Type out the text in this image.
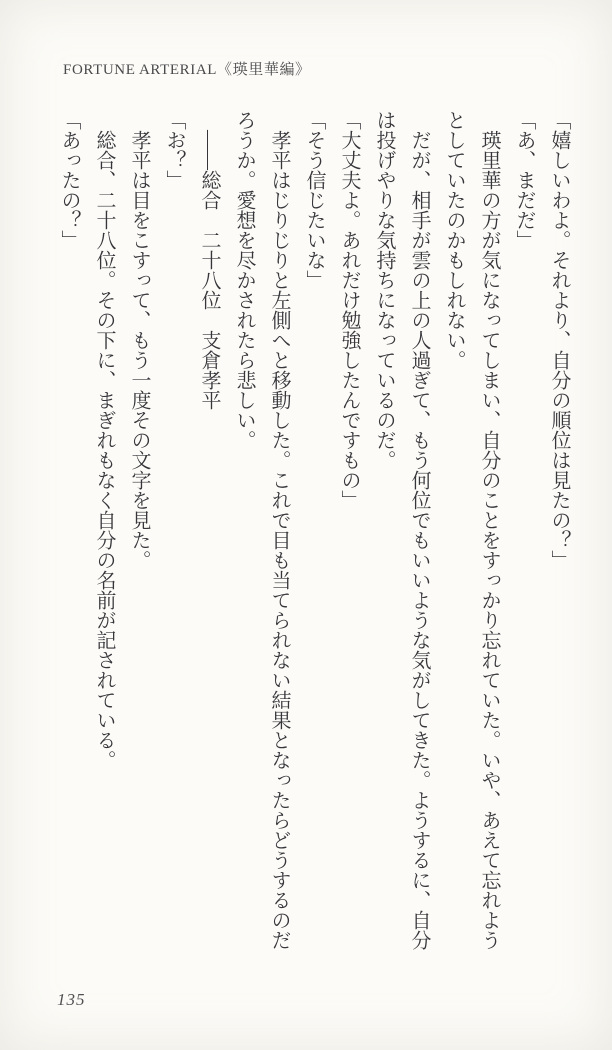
FORTUNE ARTERIAL《瑛里華編》

「嬉しいわよ。それより、自分の順位は見たの？」

「あ、まだだ」

瑛里華の方が気になってしまい、自分のことをすっかり忘れていた。いや、あえて忘れようとしていたのかもしれない。

だが、相手が雲の上の人過ぎて、もう何位でもいいような気がしてきた。ようするに、自分は投げやりな気持ちになっているのだ。

「大丈夫よ。あれだけ勉強したんですもの」

「そう信じたいな」

孝平はじりじりと左側へと移動した。これで目も当てられない結果となったらどうするのだろうか。愛想を尽かされたら悲しい。

――総合　二十八位　支倉孝平

「お？」

孝平は目をこすって、もう一度その文字を見た。

総合、二十八位。その下に、まぎれもなく自分の名前が記されている。

「あったの？」

135
